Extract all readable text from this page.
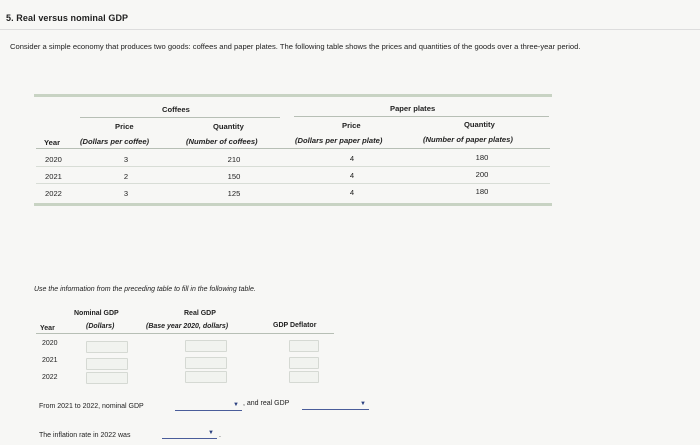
5. Real versus nominal GDP
Consider a simple economy that produces two goods: coffees and paper plates. The following table shows the prices and quantities of the goods over a three-year period.
Coffees	Paper plates
Price	Quantity	Price	Quantity
Year	(Dollars per coffee)	(Number of coffees)	(Dollars per paper plate)	(Number of paper plates)
2020	3	210	4	180
2021	2	150	4	200
2022	3	125	4	180
Use the information from the preceding table to fill in the following table.
Nominal GDP	Real GDP
Year	(Dollars)	(Base year 2020, dollars)	GDP Deflator
2020
2021
2022
From 2021 to 2022, nominal GDP	▼ , and real GDP	▼
The inflation rate in 2022 was	▼ .
